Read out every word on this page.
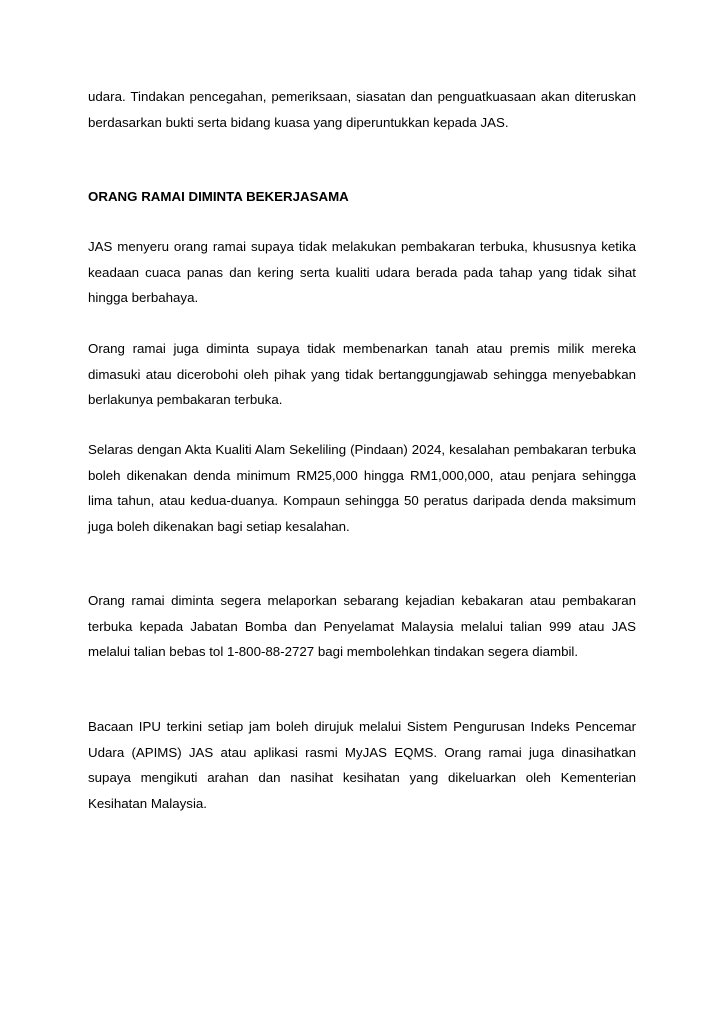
udara. Tindakan pencegahan, pemeriksaan, siasatan dan penguatkuasaan akan diteruskan berdasarkan bukti serta bidang kuasa yang diperuntukkan kepada JAS.

ORANG RAMAI DIMINTA BEKERJASAMA

JAS menyeru orang ramai supaya tidak melakukan pembakaran terbuka, khususnya ketika keadaan cuaca panas dan kering serta kualiti udara berada pada tahap yang tidak sihat hingga berbahaya.

Orang ramai juga diminta supaya tidak membenarkan tanah atau premis milik mereka dimasuki atau dicerobohi oleh pihak yang tidak bertanggungjawab sehingga menyebabkan berlakunya pembakaran terbuka.

Selaras dengan Akta Kualiti Alam Sekeliling (Pindaan) 2024, kesalahan pembakaran terbuka boleh dikenakan denda minimum RM25,000 hingga RM1,000,000, atau penjara sehingga lima tahun, atau kedua-duanya. Kompaun sehingga 50 peratus daripada denda maksimum juga boleh dikenakan bagi setiap kesalahan.

Orang ramai diminta segera melaporkan sebarang kejadian kebakaran atau pembakaran terbuka kepada Jabatan Bomba dan Penyelamat Malaysia melalui talian 999 atau JAS melalui talian bebas tol 1-800-88-2727 bagi membolehkan tindakan segera diambil.

Bacaan IPU terkini setiap jam boleh dirujuk melalui Sistem Pengurusan Indeks Pencemar Udara (APIMS) JAS atau aplikasi rasmi MyJAS EQMS. Orang ramai juga dinasihatkan supaya mengikuti arahan dan nasihat kesihatan yang dikeluarkan oleh Kementerian Kesihatan Malaysia.
